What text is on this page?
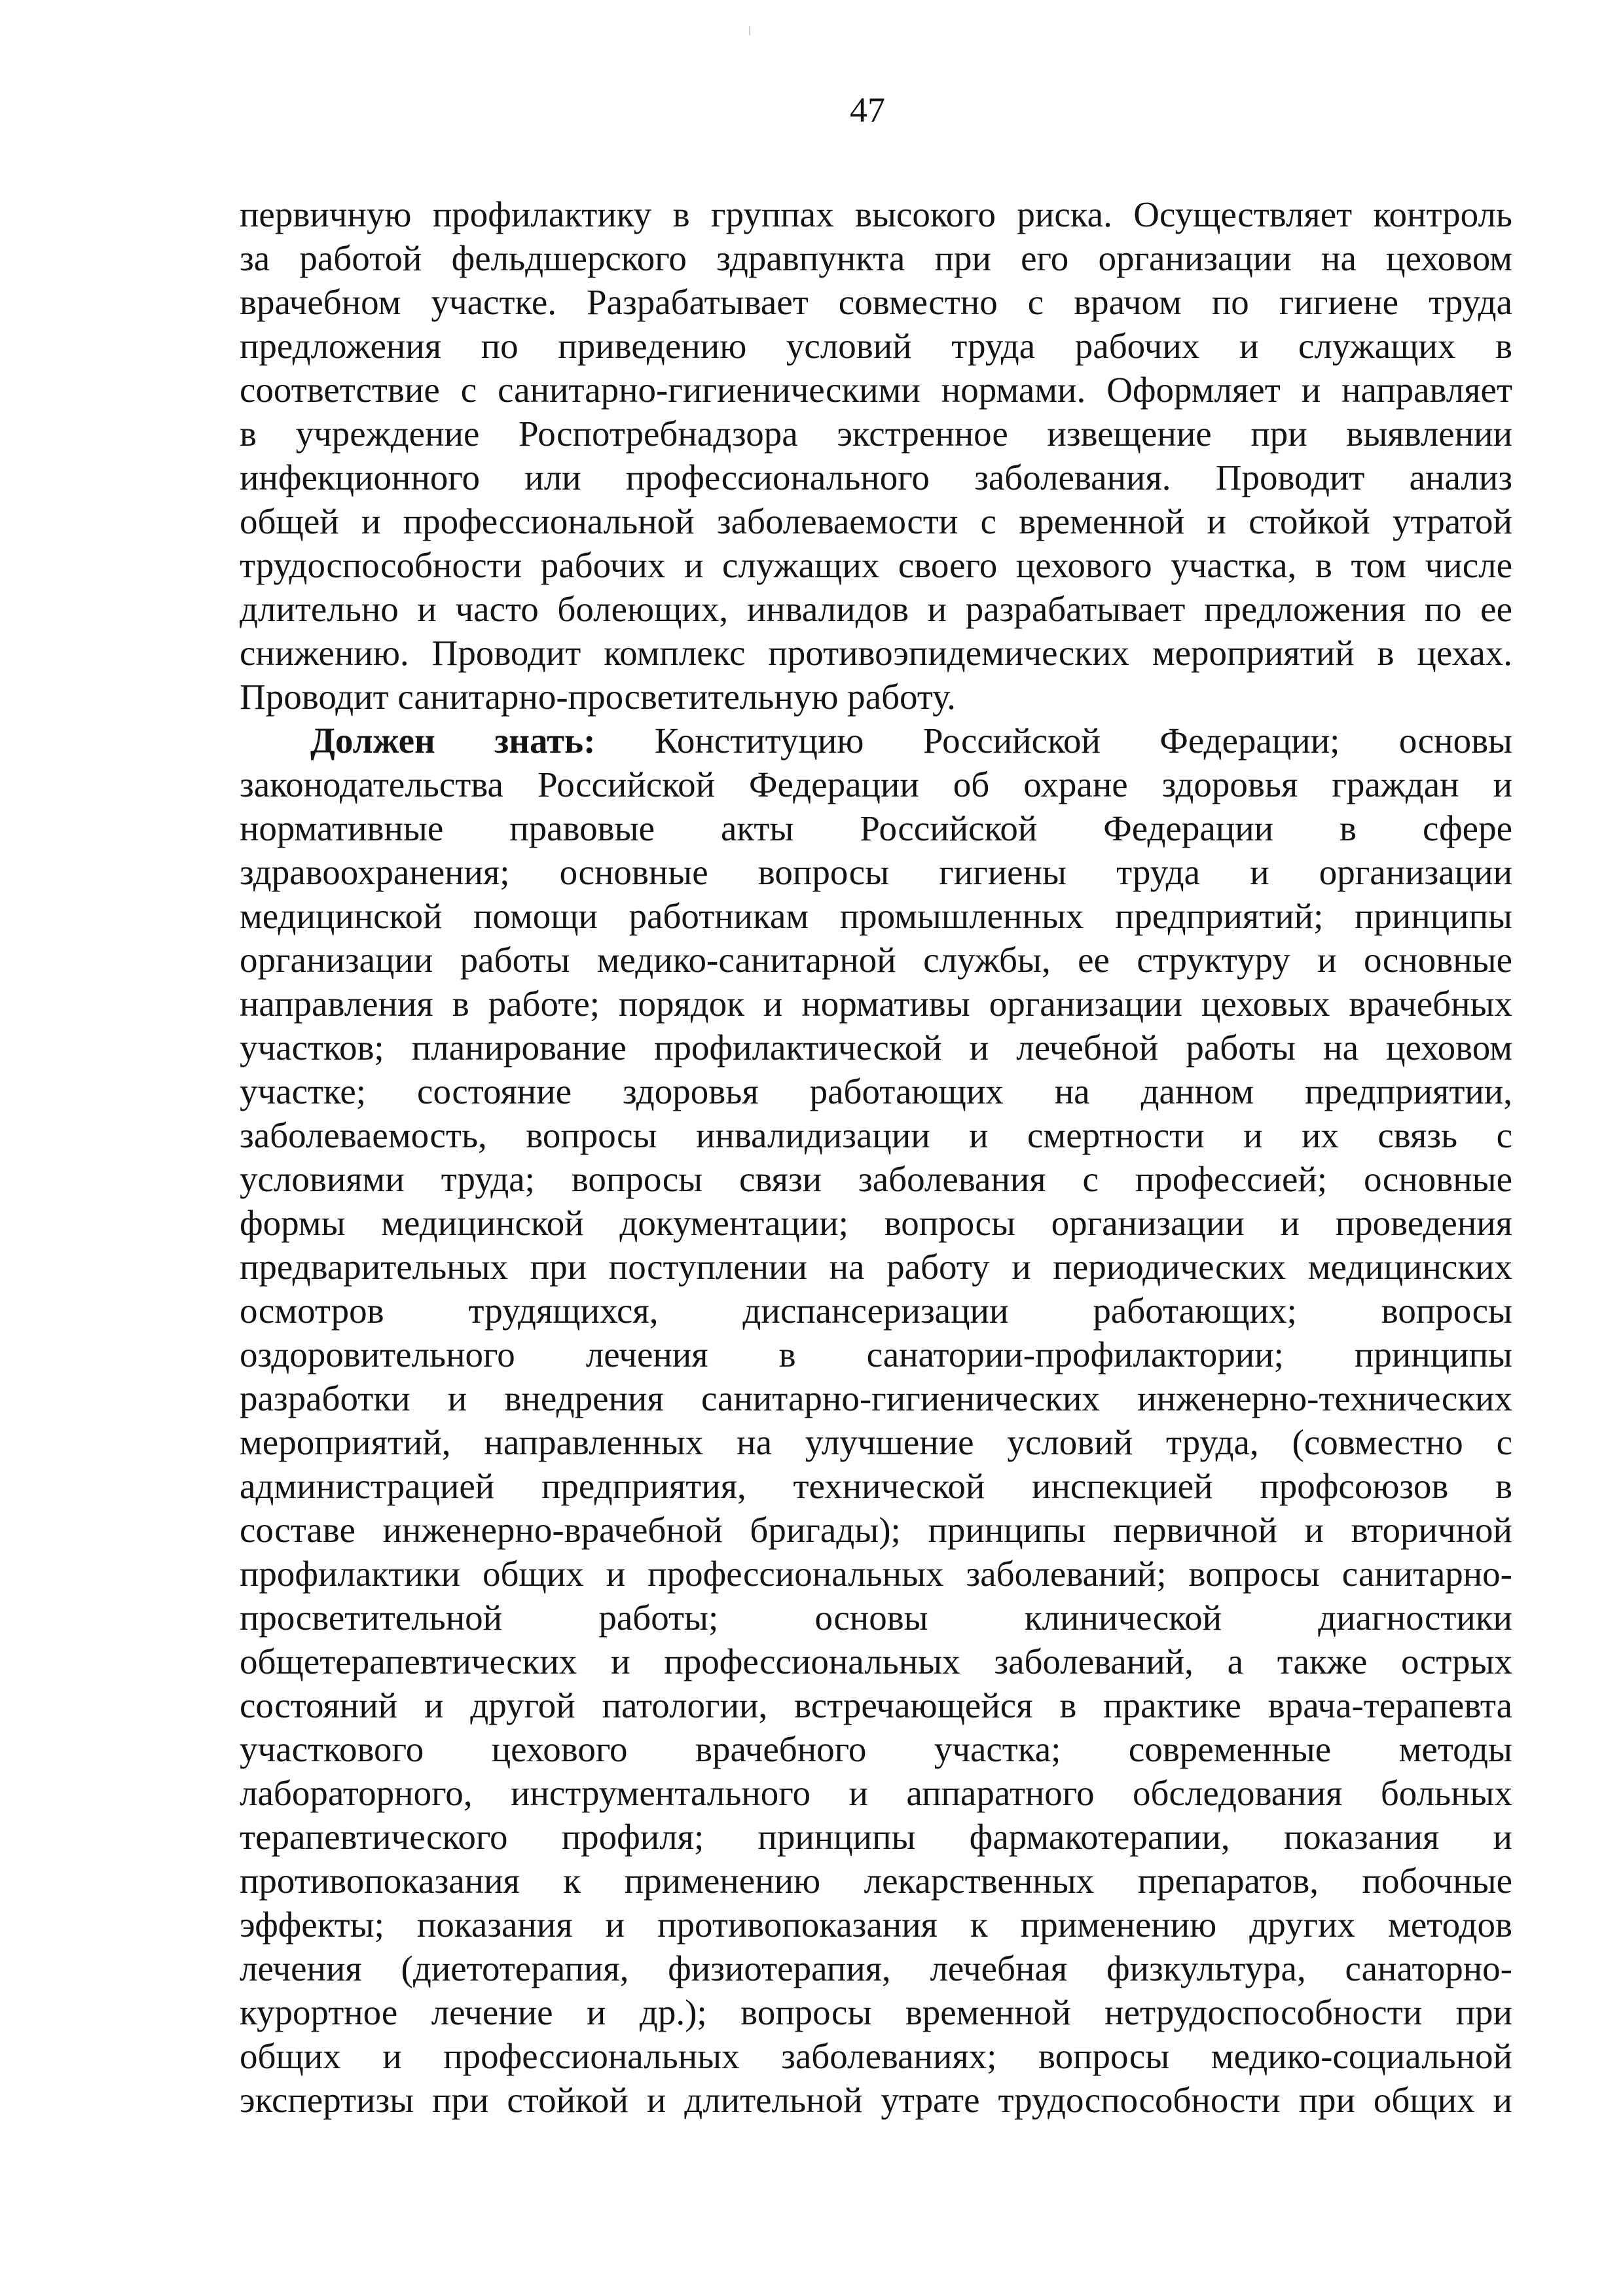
47
первичную профилактику в группах высокого риска. Осуществляет контроль
за работой фельдшерского здравпункта при его организации на цеховом
врачебном участке. Разрабатывает совместно с врачом по гигиене труда
предложения по приведению условий труда рабочих и служащих в
соответствие с санитарно-гигиеническими нормами. Оформляет и направляет
в учреждение Роспотребнадзора экстренное извещение при выявлении
инфекционного или профессионального заболевания. Проводит анализ
общей и профессиональной заболеваемости с временной и стойкой утратой
трудоспособности рабочих и служащих своего цехового участка, в том числе
длительно и часто болеющих, инвалидов и разрабатывает предложения по ее
снижению. Проводит комплекс противоэпидемических мероприятий в цехах.
Проводит санитарно-просветительную работу.
Должен знать: Конституцию Российской Федерации; основы
законодательства Российской Федерации об охране здоровья граждан и
нормативные правовые акты Российской Федерации в сфере
здравоохранения; основные вопросы гигиены труда и организации
медицинской помощи работникам промышленных предприятий; принципы
организации работы медико-санитарной службы, ее структуру и основные
направления в работе; порядок и нормативы организации цеховых врачебных
участков; планирование профилактической и лечебной работы на цеховом
участке; состояние здоровья работающих на данном предприятии,
заболеваемость, вопросы инвалидизации и смертности и их связь с
условиями труда; вопросы связи заболевания с профессией; основные
формы медицинской документации; вопросы организации и проведения
предварительных при поступлении на работу и периодических медицинских
осмотров трудящихся, диспансеризации работающих; вопросы
оздоровительного лечения в санатории-профилактории; принципы
разработки и внедрения санитарно-гигиенических инженерно-технических
мероприятий, направленных на улучшение условий труда, (совместно с
администрацией предприятия, технической инспекцией профсоюзов в
составе инженерно-врачебной бригады); принципы первичной и вторичной
профилактики общих и профессиональных заболеваний; вопросы санитарно-
просветительной работы; основы клинической диагностики
общетерапевтических и профессиональных заболеваний, а также острых
состояний и другой патологии, встречающейся в практике врача-терапевта
участкового цехового врачебного участка; современные методы
лабораторного, инструментального и аппаратного обследования больных
терапевтического профиля; принципы фармакотерапии, показания и
противопоказания к применению лекарственных препаратов, побочные
эффекты; показания и противопоказания к применению других методов
лечения (диетотерапия, физиотерапия, лечебная физкультура, санаторно-
курортное лечение и др.); вопросы временной нетрудоспособности при
общих и профессиональных заболеваниях; вопросы медико-социальной
экспертизы при стойкой и длительной утрате трудоспособности при общих и
